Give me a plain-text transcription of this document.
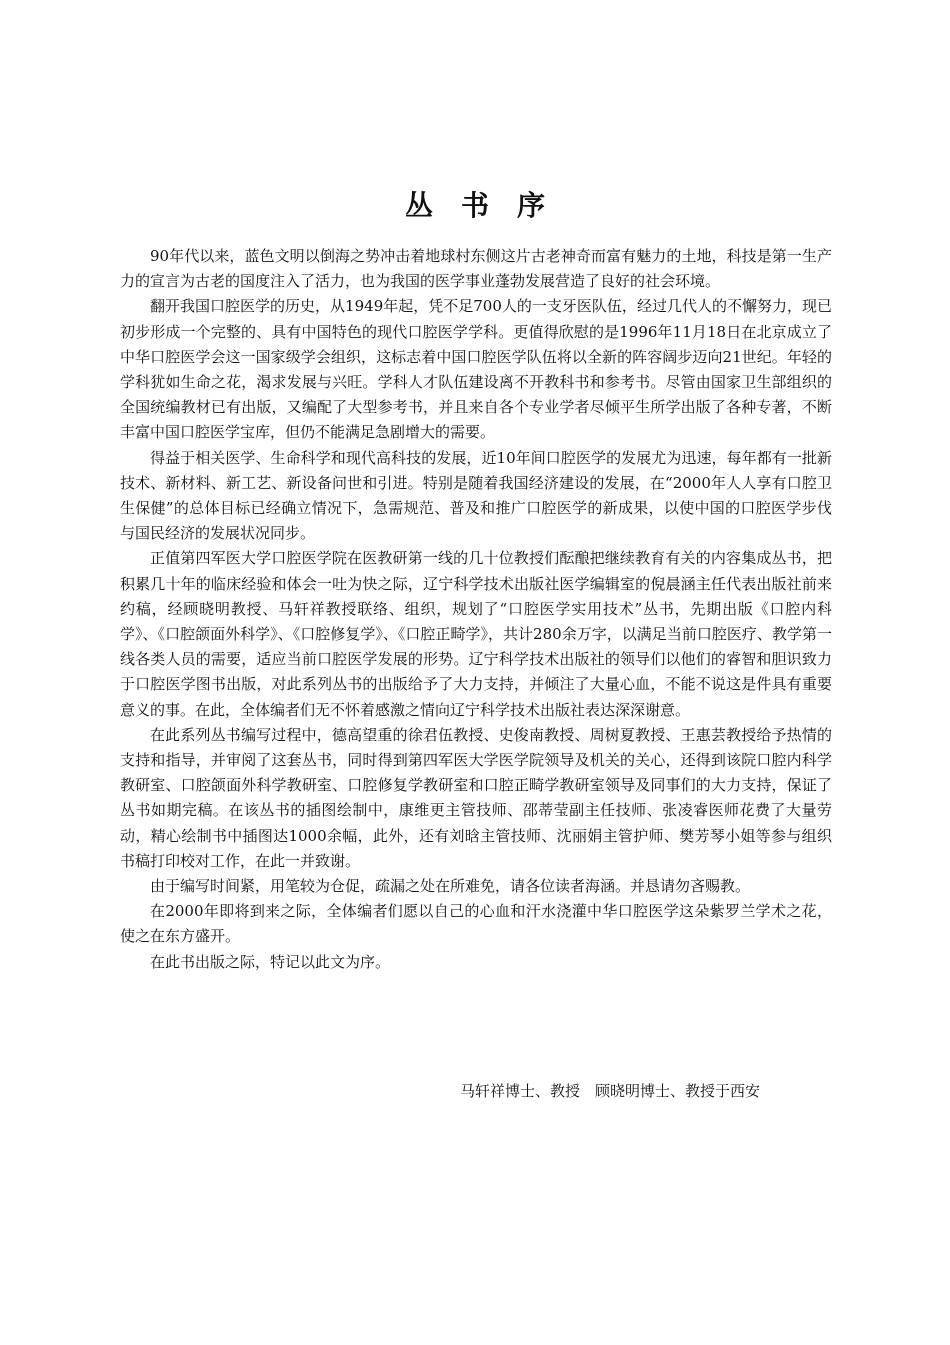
丛书序

90年代以来，蓝色文明以倒海之势冲击着地球村东侧这片古老神奇而富有魅力的土地，科技是第一生产力的宣言为古老的国度注入了活力，也为我国的医学事业蓬勃发展营造了良好的社会环境。

翻开我国口腔医学的历史，从1949年起，凭不足700人的一支牙医队伍，经过几代人的不懈努力，现已初步形成一个完整的、具有中国特色的现代口腔医学学科。更值得欣慰的是1996年11月18日在北京成立了中华口腔医学会这一国家级学会组织，这标志着中国口腔医学队伍将以全新的阵容阔步迈向21世纪。年轻的学科犹如生命之花，渴求发展与兴旺。学科人才队伍建设离不开教科书和参考书。尽管由国家卫生部组织的全国统编教材已有出版，又编配了大型参考书，并且来自各个专业学者尽倾平生所学出版了各种专著，不断丰富中国口腔医学宝库，但仍不能满足急剧增大的需要。

得益于相关医学、生命科学和现代高科技的发展，近10年间口腔医学的发展尤为迅速，每年都有一批新技术、新材料、新工艺、新设备问世和引进。特别是随着我国经济建设的发展，在“2000年人人享有口腔卫生保健”的总体目标已经确立情况下，急需规范、普及和推广口腔医学的新成果，以使中国的口腔医学步伐与国民经济的发展状况同步。

正值第四军医大学口腔医学院在医教研第一线的几十位教授们酝酿把继续教育有关的内容集成丛书，把积累几十年的临床经验和体会一吐为快之际，辽宁科学技术出版社医学编辑室的倪晨涵主任代表出版社前来约稿，经顾晓明教授、马轩祥教授联络、组织，规划了“口腔医学实用技术”丛书，先期出版《口腔内科学》、《口腔颌面外科学》、《口腔修复学》、《口腔正畸学》，共计280余万字，以满足当前口腔医疗、教学第一线各类人员的需要，适应当前口腔医学发展的形势。辽宁科学技术出版社的领导们以他们的睿智和胆识致力于口腔医学图书出版，对此系列丛书的出版给予了大力支持，并倾注了大量心血，不能不说这是件具有重要意义的事。在此，全体编者们无不怀着感激之情向辽宁科学技术出版社表达深深谢意。

在此系列丛书编写过程中，德高望重的徐君伍教授、史俊南教授、周树夏教授、王惠芸教授给予热情的支持和指导，并审阅了这套丛书，同时得到第四军医大学医学院领导及机关的关心，还得到该院口腔内科学教研室、口腔颌面外科学教研室、口腔修复学教研室和口腔正畸学教研室领导及同事们的大力支持，保证了丛书如期完稿。在该丛书的插图绘制中，康维更主管技师、邵蒂莹副主任技师、张凌睿医师花费了大量劳动，精心绘制书中插图达1000余幅，此外，还有刘晗主管技师、沈丽娟主管护师、樊芳琴小姐等参与组织书稿打印校对工作，在此一并致谢。

由于编写时间紧，用笔较为仓促，疏漏之处在所难免，请各位读者海涵。并恳请勿吝赐教。

在2000年即将到来之际，全体编者们愿以自己的心血和汗水浇灌中华口腔医学这朵紫罗兰学术之花，使之在东方盛开。

在此书出版之际，特记以此文为序。

马轩祥博士、教授　顾晓明博士、教授于西安
